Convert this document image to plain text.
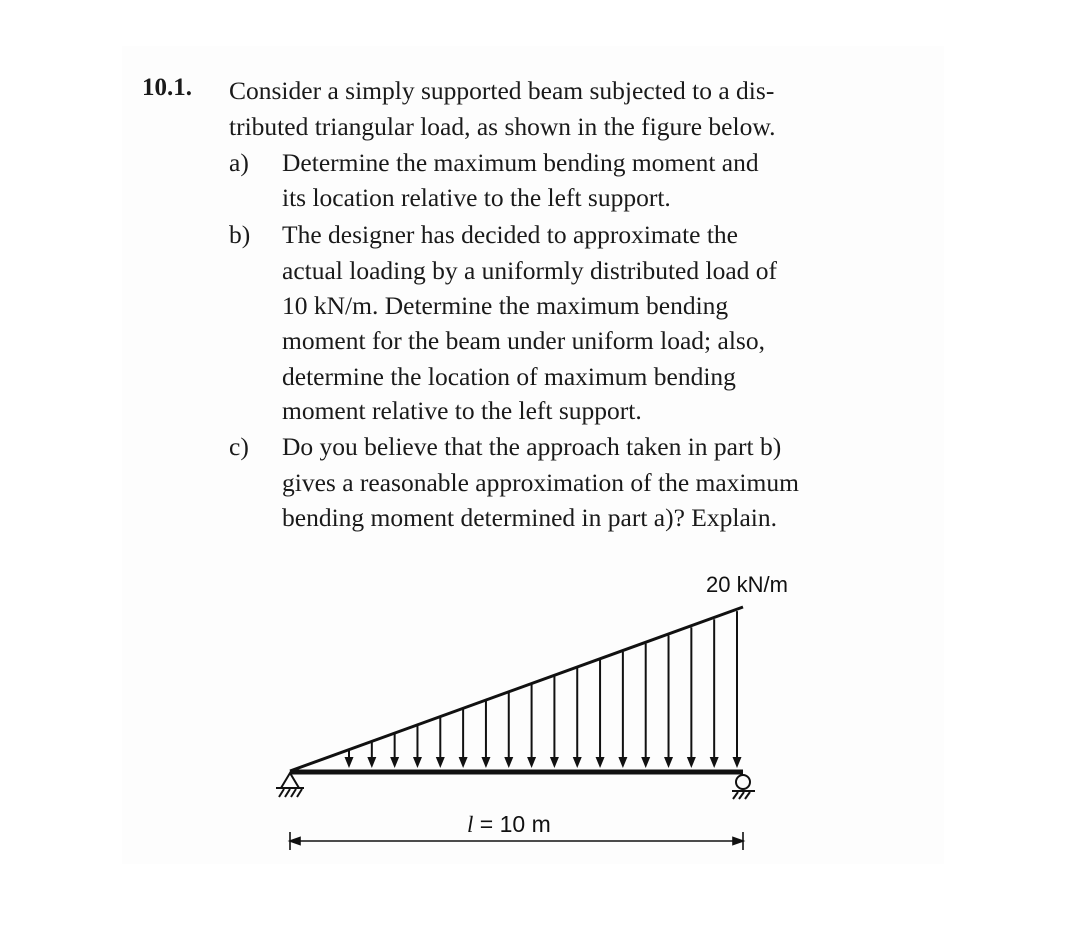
10.1. Consider a simply supported beam subjected to a dis-
tributed triangular load, as shown in the figure below.
a) Determine the maximum bending moment and
its location relative to the left support.
b) The designer has decided to approximate the
actual loading by a uniformly distributed load of
10 kN/m. Determine the maximum bending
moment for the beam under uniform load; also,
determine the location of maximum bending
moment relative to the left support.
c) Do you believe that the approach taken in part b)
gives a reasonable approximation of the maximum
bending moment determined in part a)? Explain.
20 kN/m
l = 10 m
